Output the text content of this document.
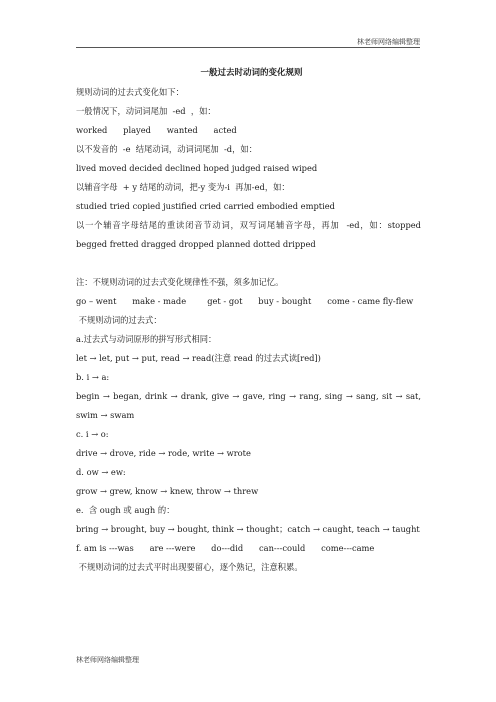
林老师网络编辑整理

一般过去时动词的变化规则

规则动词的过去式变化如下：

一般情况下，动词词尾加  -ed  ，如：

worked      played      wanted      acted

以不发音的  -e  结尾动词，动词词尾加  -d，如：

lived moved decided declined hoped judged raised wiped

以辅音字母  + y 结尾的动词，把-y 变为-i  再加-ed，如：

studied tried copied justified cried carried embodied emptied

以一个辅音字母结尾的重读闭音节动词，双写词尾辅音字母，再加  -ed，如：stopped begged fretted dragged dropped planned dotted dripped

注：不规则动词的过去式变化规律性不强，须多加记忆。

go – went      make - made        get - got      buy - bought      come - came fly-flew

不规则动词的过去式：

a.过去式与动词原形的拼写形式相同：

let → let, put → put, read → read(注意 read 的过去式读[red])

b. i → a:

begin → began, drink → drank, give → gave, ring → rang, sing → sang, sit → sat, swim → swam

c. i → o:

drive → drove, ride → rode, write → wrote

d. ow → ew:

grow → grew, know → knew, throw → threw

e.  含 ough 或 augh 的：

bring → brought, buy → bought, think → thought；catch → caught, teach → taught

f. am is ---was      are ---were      do---did      can---could      come---came

不规则动词的过去式平时出现要留心，逐个熟记，注意积累。

林老师网络编辑整理
